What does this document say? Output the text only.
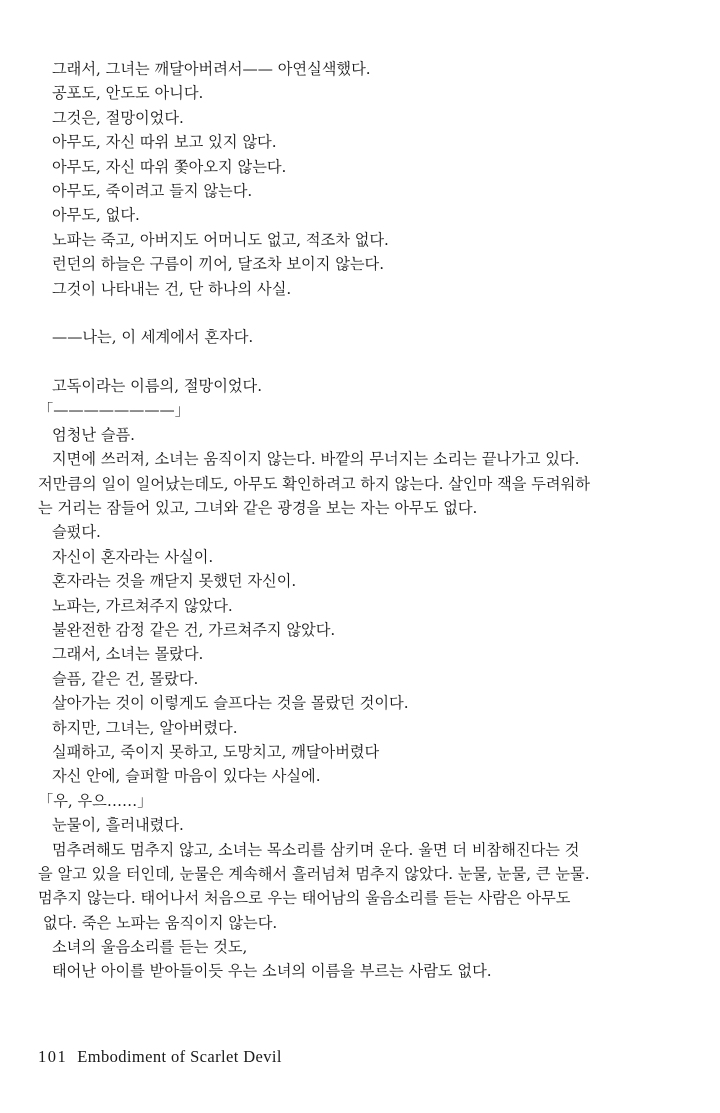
그래서, 그녀는 깨달아버려서—— 아연실색했다.
공포도, 안도도 아니다.
그것은, 절망이었다.
아무도, 자신 따위 보고 있지 않다.
아무도, 자신 따위 쫓아오지 않는다.
아무도, 죽이려고 들지 않는다.
아무도, 없다.
노파는 죽고, 아버지도 어머니도 없고, 적조차 없다.
런던의 하늘은 구름이 끼어, 달조차 보이지 않는다.
그것이 나타내는 건, 단 하나의 사실.
——나는, 이 세계에서 혼자다.
고독이라는 이름의, 절망이었다.
「————————」
엄청난 슬픔.
지면에 쓰러져, 소녀는 움직이지 않는다. 바깥의 무너지는 소리는 끝나가고 있다.
저만큼의 일이 일어났는데도, 아무도 확인하려고 하지 않는다. 살인마 잭을 두려워하
는 거리는 잠들어 있고, 그녀와 같은 광경을 보는 자는 아무도 없다.
슬펐다.
자신이 혼자라는 사실이.
혼자라는 것을 깨닫지 못했던 자신이.
노파는, 가르쳐주지 않았다.
불완전한 감정 같은 건, 가르쳐주지 않았다.
그래서, 소녀는 몰랐다.
슬픔, 같은 건, 몰랐다.
살아가는 것이 이렇게도 슬프다는 것을 몰랐던 것이다.
하지만, 그녀는, 알아버렸다.
실패하고, 죽이지 못하고, 도망치고, 깨달아버렸다
자신 안에, 슬퍼할 마음이 있다는 사실에.
「우, 우으……」
눈물이, 흘러내렸다.
멈추려해도 멈추지 않고, 소녀는 목소리를 삼키며 운다. 울면 더 비참해진다는 것
을 알고 있을 터인데, 눈물은 계속해서 흘러넘쳐 멈추지 않았다. 눈물, 눈물, 큰 눈물.
멈추지 않는다. 태어나서 처음으로 우는 태어남의 울음소리를 듣는 사람은 아무도
없다. 죽은 노파는 움직이지 않는다.
소녀의 울음소리를 듣는 것도,
태어난 아이를 받아들이듯 우는 소녀의 이름을 부르는 사람도 없다.
101 Embodiment of Scarlet Devil
